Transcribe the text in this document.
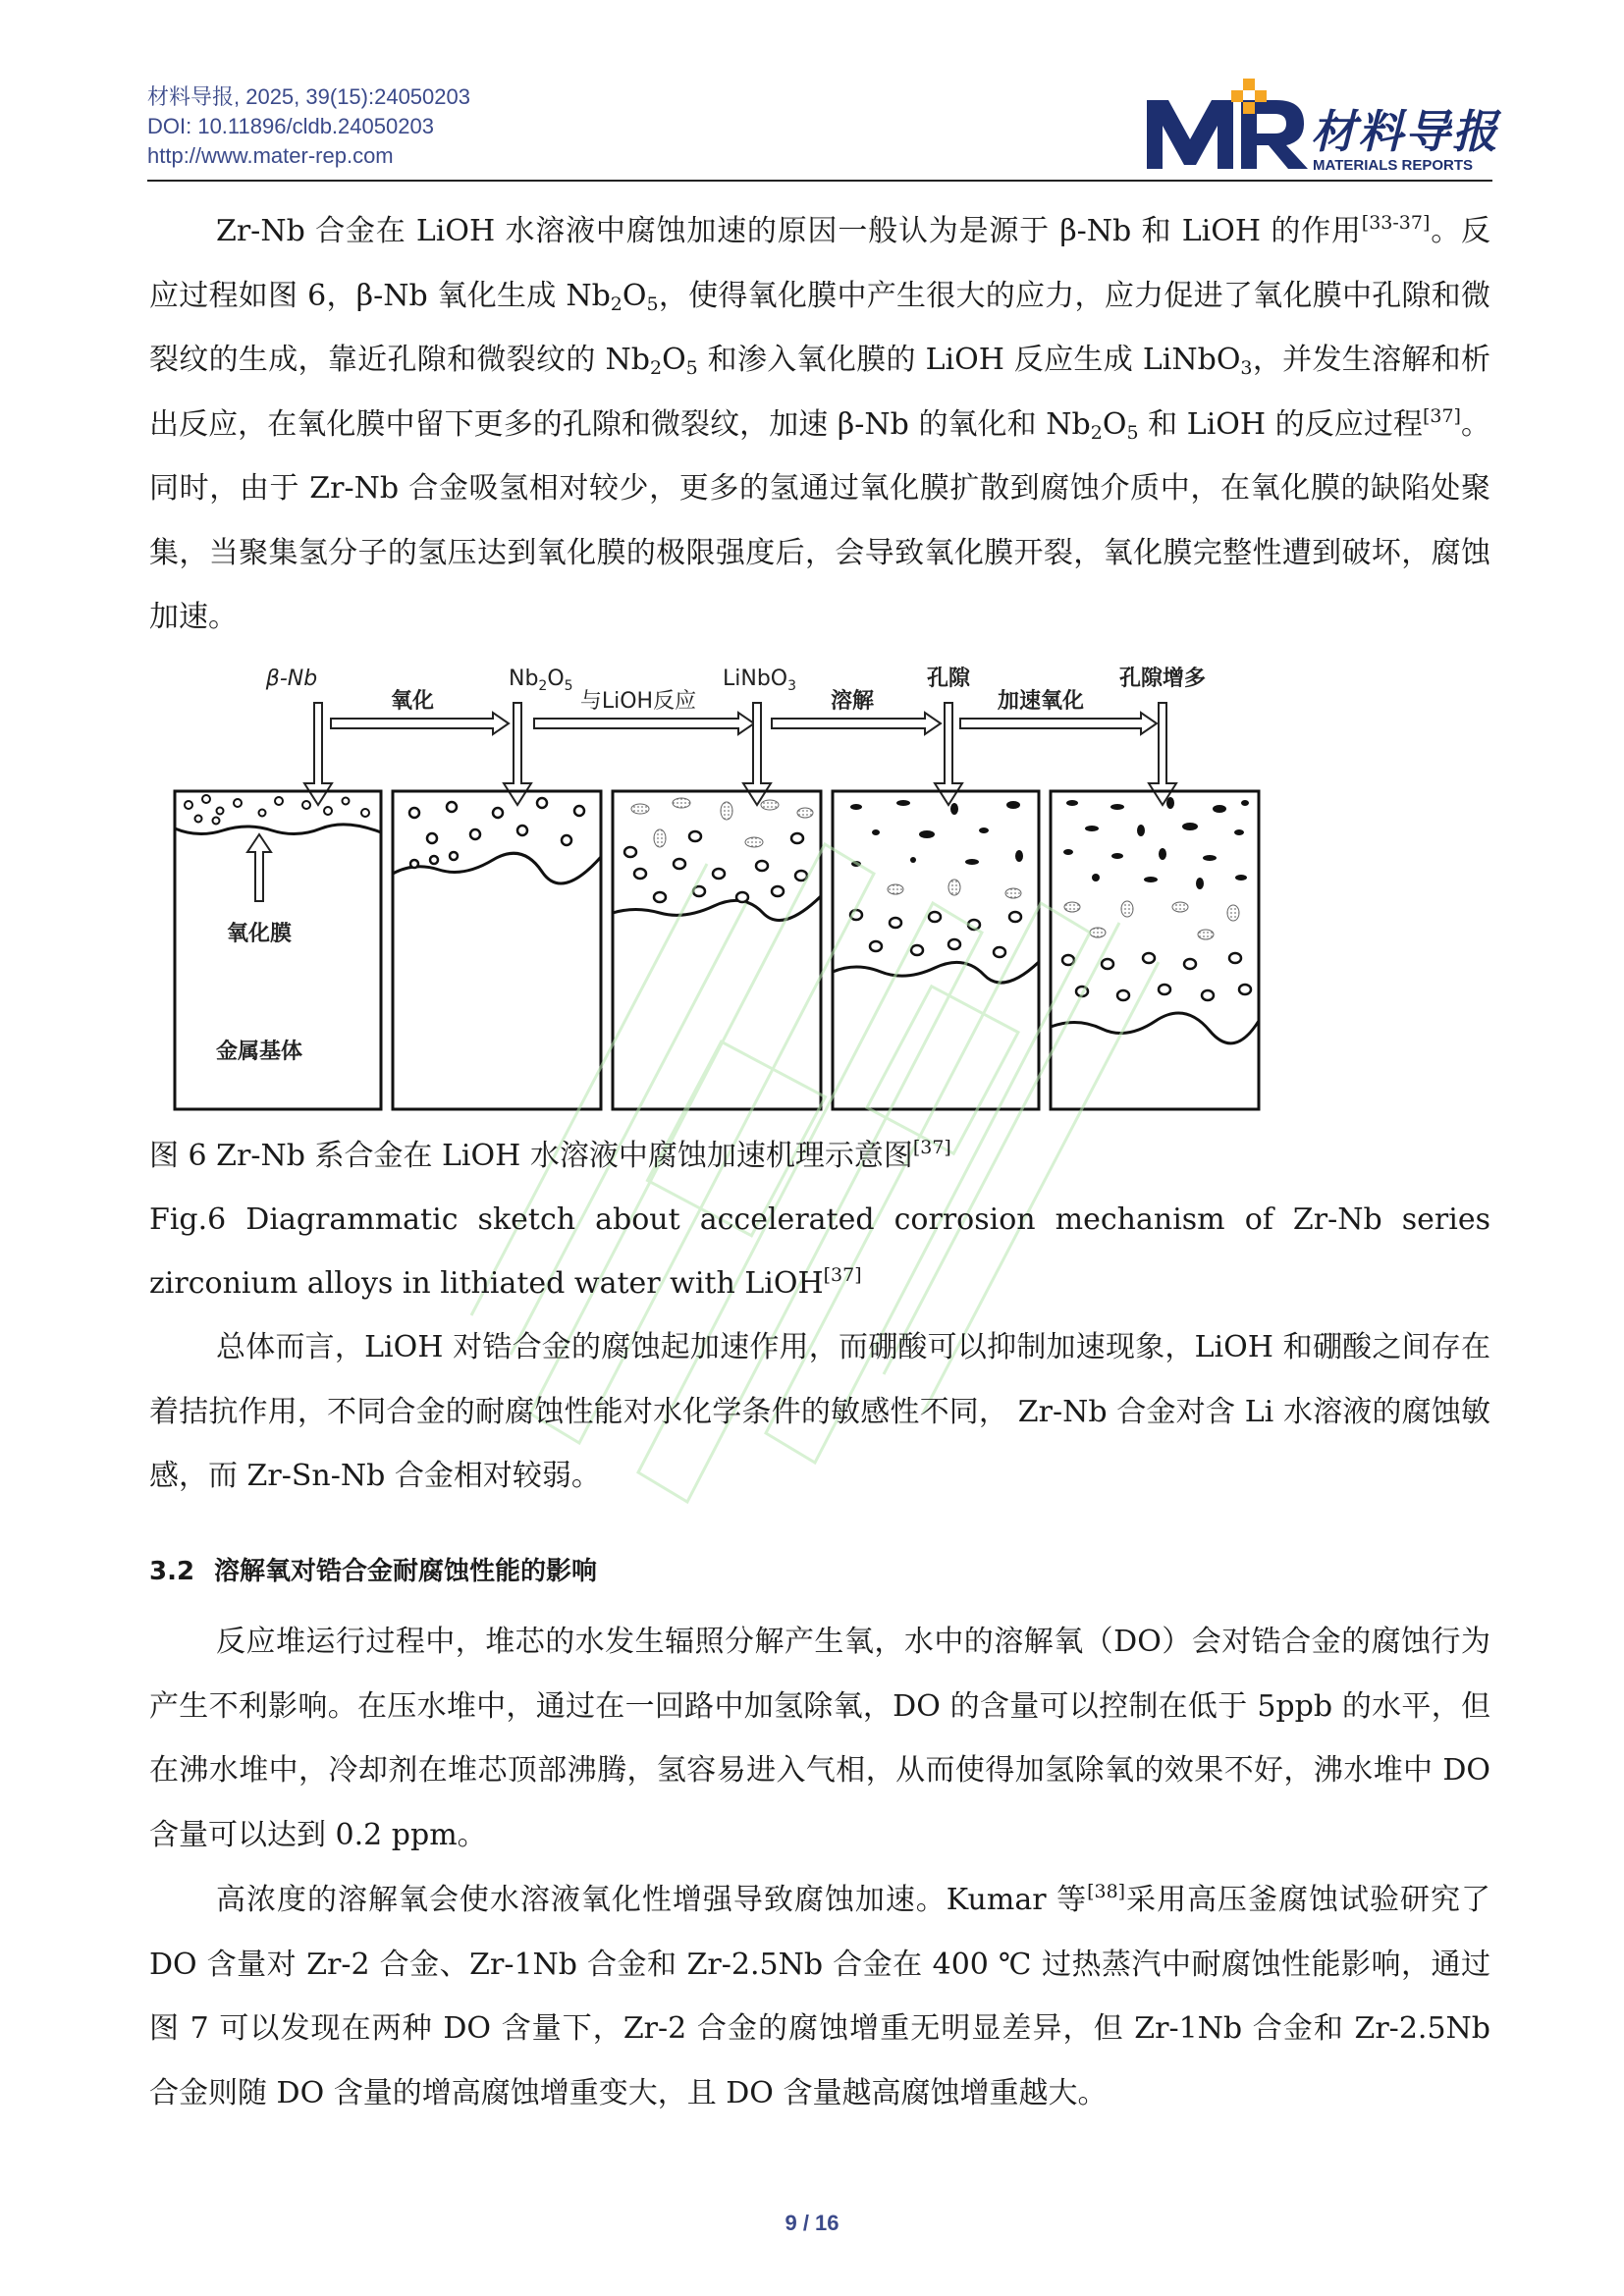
材料导报, 2025, 39(15):24050203
DOI: 10.11896/cldb.24050203
http://www.mater-rep.com	材料导报
MATERIALS REPORTS

Zr-Nb 合金在 LiOH 水溶液中腐蚀加速的原因一般认为是源于 β-Nb 和 LiOH 的作用[33-37]。反应过程如图 6，β-Nb 氧化生成 $Nb_2O_5$，使得氧化膜中产生很大的应力，应力促进了氧化膜中孔隙和微裂纹的生成，靠近孔隙和微裂纹的 $Nb_2O_5$ 和渗入氧化膜的 LiOH 反应生成 LiNbO$_3$，并发生溶解和析出反应，在氧化膜中留下更多的孔隙和微裂纹，加速 β-Nb 的氧化和 $Nb_2O_5$ 和 LiOH 的反应过程[37]。同时，由于 Zr-Nb 合金吸氢相对较少，更多的氢通过氧化膜扩散到腐蚀介质中，在氧化膜的缺陷处聚集，当聚集氢分子的氢压达到氧化膜的极限强度后，会导致氧化膜开裂，氧化膜完整性遭到破坏，腐蚀加速。

β-Nb
氧化
$Nb_2O_5$
与LiOH反应
LiNbO$_3$
溶解
孔隙
加速氧化
孔隙增多
氧化膜
金属基体

图 6 Zr-Nb 系合金在 LiOH 水溶液中腐蚀加速机理示意图[37]

Fig.6 Diagrammatic sketch about accelerated corrosion mechanism of Zr-Nb series zirconium alloys in lithiated water with LiOH[37]

总体而言，LiOH 对锆合金的腐蚀起加速作用，而硼酸可以抑制加速现象，LiOH 和硼酸之间存在着拮抗作用，不同合金的耐腐蚀性能对水化学条件的敏感性不同， Zr-Nb 合金对含 Li 水溶液的腐蚀敏感，而 Zr-Sn-Nb 合金相对较弱。

3.2 溶解氧对锆合金耐腐蚀性能的影响

反应堆运行过程中，堆芯的水发生辐照分解产生氧，水中的溶解氧（DO）会对锆合金的腐蚀行为产生不利影响。在压水堆中，通过在一回路中加氢除氧，DO 的含量可以控制在低于 5ppb 的水平，但在沸水堆中，冷却剂在堆芯顶部沸腾，氢容易进入气相，从而使得加氢除氧的效果不好，沸水堆中 DO 含量可以达到 0.2 ppm。

高浓度的溶解氧会使水溶液氧化性增强导致腐蚀加速。Kumar 等[38]采用高压釜腐蚀试验研究了 DO 含量对 Zr-2 合金、Zr-1Nb 合金和 Zr-2.5Nb 合金在 400 ℃ 过热蒸汽中耐腐蚀性能影响，通过图 7 可以发现在两种 DO 含量下，Zr-2 合金的腐蚀增重无明显差异，但 Zr-1Nb 合金和 Zr-2.5Nb 合金则随 DO 含量的增高腐蚀增重变大，且 DO 含量越高腐蚀增重越大。

9 / 16
